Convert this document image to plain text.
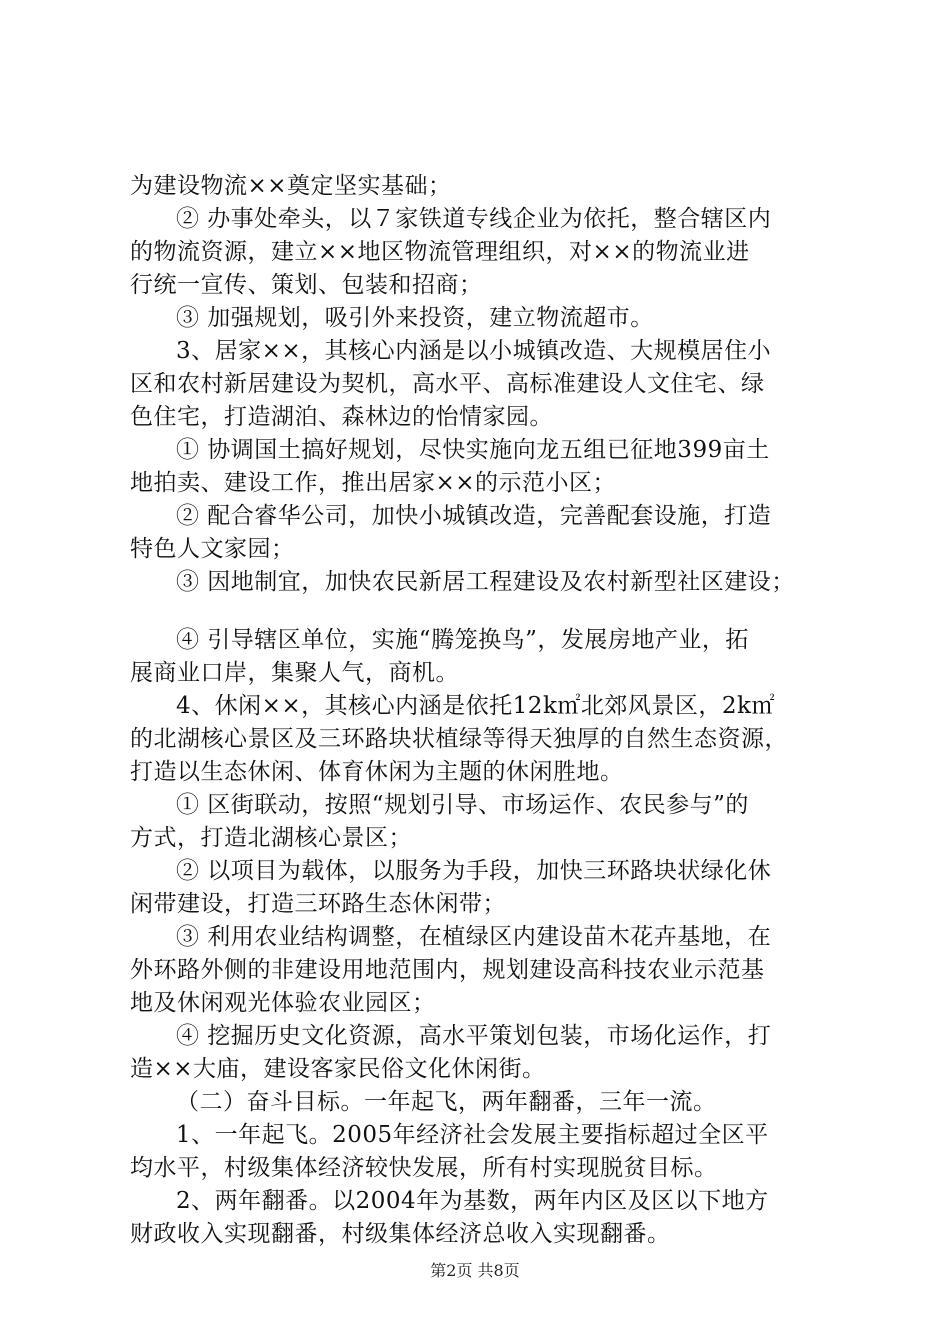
为建设物流××奠定坚实基础；
② 办事处牵头，以７家铁道专线企业为依托，整合辖区内
的物流资源，建立××地区物流管理组织，对××的物流业进
行统一宣传、策划、包装和招商；
③ 加强规划，吸引外来投资，建立物流超市。
3、居家××，其核心内涵是以小城镇改造、大规模居住小
区和农村新居建设为契机，高水平、高标准建设人文住宅、绿
色住宅，打造湖泊、森林边的怡情家园。
① 协调国土搞好规划，尽快实施向龙五组已征地399亩土
地拍卖、建设工作，推出居家××的示范小区；
② 配合睿华公司，加快小城镇改造，完善配套设施，打造
特色人文家园；
③ 因地制宜，加快农民新居工程建设及农村新型社区建设；
④ 引导辖区单位，实施“腾笼换鸟”，发展房地产业，拓
展商业口岸，集聚人气，商机。
4、休闲××，其核心内涵是依托12k㎡北郊风景区，2k㎡
的北湖核心景区及三环路块状植绿等得天独厚的自然生态资源，
打造以生态休闲、体育休闲为主题的休闲胜地。
① 区街联动，按照“规划引导、市场运作、农民参与”的
方式，打造北湖核心景区；
② 以项目为载体，以服务为手段，加快三环路块状绿化休
闲带建设，打造三环路生态休闲带；
③ 利用农业结构调整，在植绿区内建设苗木花卉基地，在
外环路外侧的非建设用地范围内，规划建设高科技农业示范基
地及休闲观光体验农业园区；
④ 挖掘历史文化资源，高水平策划包装，市场化运作，打
造××大庙，建设客家民俗文化休闲街。
（二）奋斗目标。一年起飞，两年翻番，三年一流。
1、一年起飞。2005年经济社会发展主要指标超过全区平
均水平，村级集体经济较快发展，所有村实现脱贫目标。
2、两年翻番。以2004年为基数，两年内区及区以下地方
财政收入实现翻番，村级集体经济总收入实现翻番。
第2页 共8页
